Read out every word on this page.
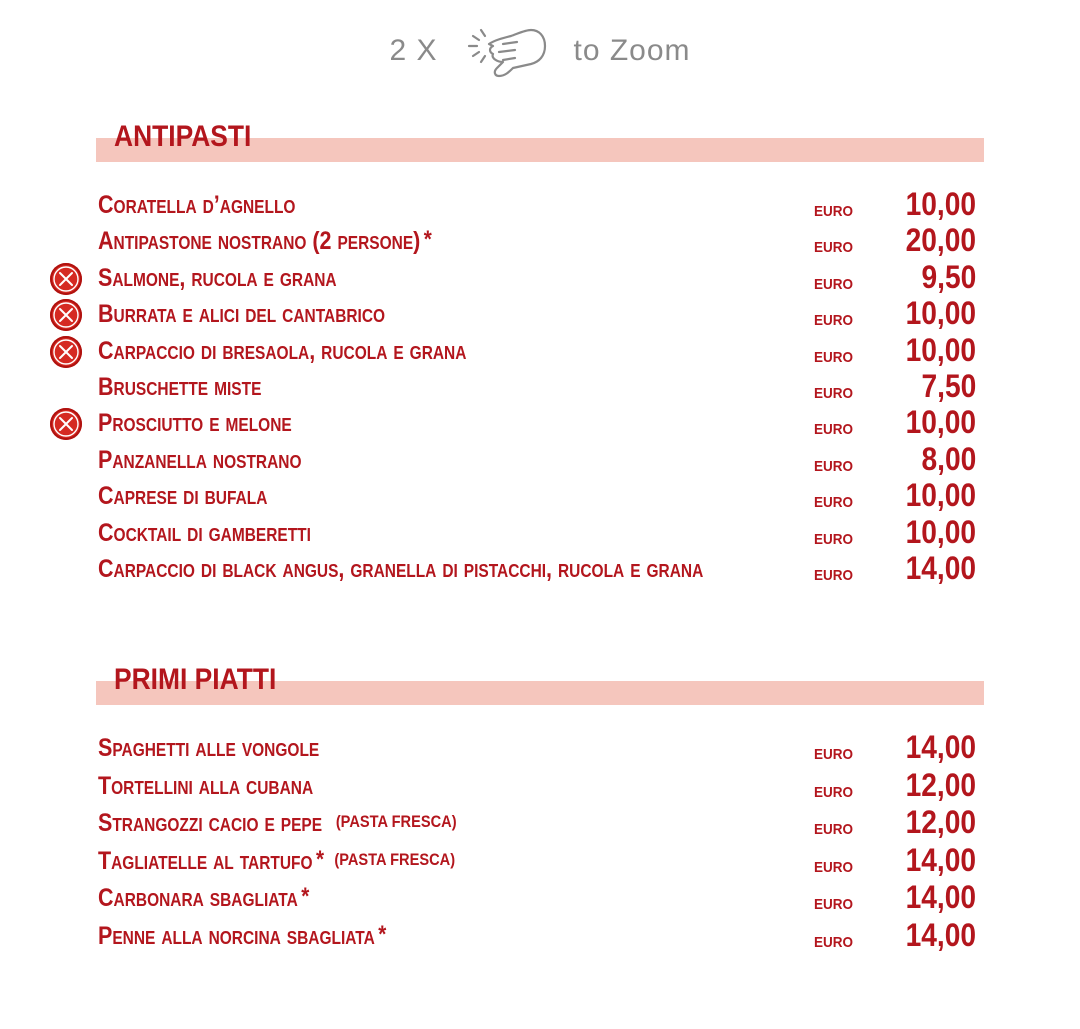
2 X	to Zoom
ANTIPASTI
Coratella d’agnello	euro 10,00
Antipastone nostrano (2 persone) *	euro 20,00
Salmone, rucola e grana	euro 9,50
Burrata e alici del cantabrico	euro 10,00
Carpaccio di bresaola, rucola e grana	euro 10,00
Bruschette miste	euro 7,50
Prosciutto e melone	euro 10,00
Panzanella nostrano	euro 8,00
Caprese di bufala	euro 10,00
Cocktail di gamberetti	euro 10,00
Carpaccio di black angus, granella di pistacchi, rucola e grana	euro 14,00
PRIMI PIATTI
Spaghetti alle vongole	euro 14,00
Tortellini alla cubana	euro 12,00
Strangozzi cacio e pepe (PASTA FRESCA)	euro 12,00
Tagliatelle al tartufo * (PASTA FRESCA)	euro 14,00
Carbonara sbagliata *	euro 14,00
Penne alla norcina sbagliata *	euro 14,00
